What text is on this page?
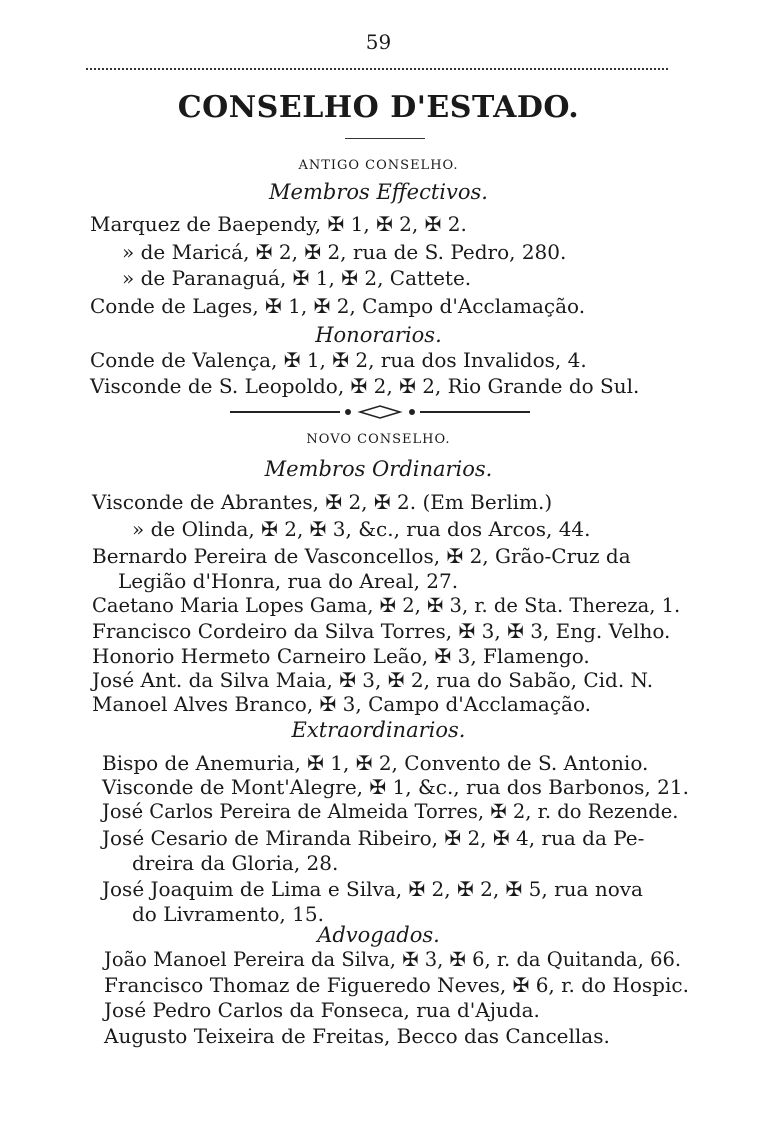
59
CONSELHO D'ESTADO.
ANTIGO CONSELHO.
Membros Effectivos.
Marquez de Baependy, ✠ 1, ✠ 2, ✠ 2.
» de Maricá, ✠ 2, ✠ 2, rua de S. Pedro, 280.
» de Paranaguá, ✠ 1, ✠ 2, Cattete.
Conde de Lages, ✠ 1, ✠ 2, Campo d'Acclamação.
Honorarios.
Conde de Valença, ✠ 1, ✠ 2, rua dos Invalidos, 4.
Visconde de S. Leopoldo, ✠ 2, ✠ 2, Rio Grande do Sul.
NOVO CONSELHO.
Membros Ordinarios.
Visconde de Abrantes, ✠ 2, ✠ 2. (Em Berlim.)
» de Olinda, ✠ 2, ✠ 3, &c., rua dos Arcos, 44.
Bernardo Pereira de Vasconcellos, ✠ 2, Grão-Cruz da
Legião d'Honra, rua do Areal, 27.
Caetano Maria Lopes Gama, ✠ 2, ✠ 3, r. de Sta. Thereza, 1.
Francisco Cordeiro da Silva Torres, ✠ 3, ✠ 3, Eng. Velho.
Honorio Hermeto Carneiro Leão, ✠ 3, Flamengo.
José Ant. da Silva Maia, ✠ 3, ✠ 2, rua do Sabão, Cid. N.
Manoel Alves Branco, ✠ 3, Campo d'Acclamação.
Extraordinarios.
Bispo de Anemuria, ✠ 1, ✠ 2, Convento de S. Antonio.
Visconde de Mont'Alegre, ✠ 1, &c., rua dos Barbonos, 21.
José Carlos Pereira de Almeida Torres, ✠ 2, r. do Rezende.
José Cesario de Miranda Ribeiro, ✠ 2, ✠ 4, rua da Pe-
dreira da Gloria, 28.
José Joaquim de Lima e Silva, ✠ 2, ✠ 2, ✠ 5, rua nova
do Livramento, 15.
Advogados.
João Manoel Pereira da Silva, ✠ 3, ✠ 6, r. da Quitanda, 66.
Francisco Thomaz de Figueredo Neves, ✠ 6, r. do Hospic.
José Pedro Carlos da Fonseca, rua d'Ajuda.
Augusto Teixeira de Freitas, Becco das Cancellas.
